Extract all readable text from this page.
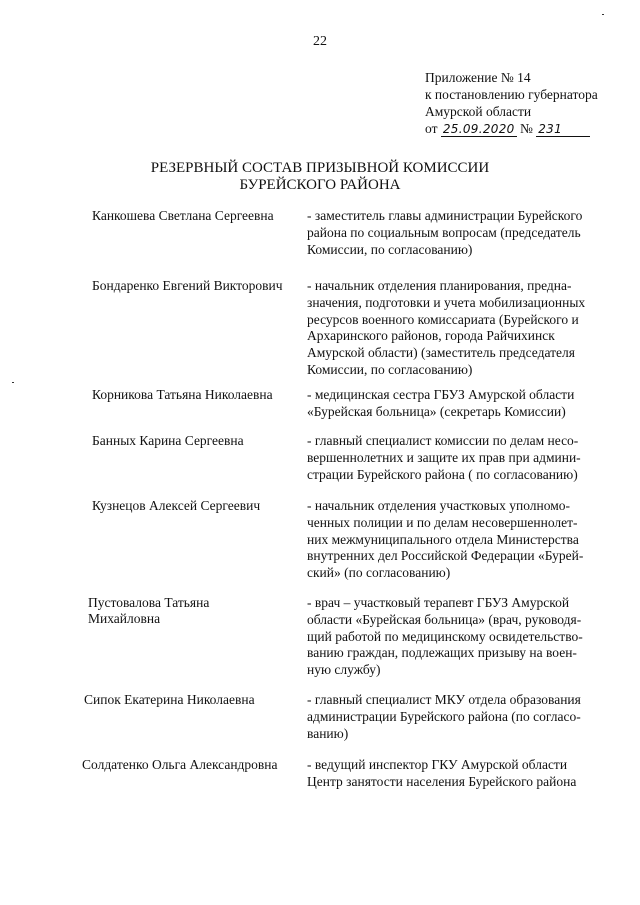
22
Приложение № 14
к постановлению губернатора
Амурской области
от 25.09.2020 № 231
РЕЗЕРВНЫЙ СОСТАВ ПРИЗЫВНОЙ КОМИССИИ
БУРЕЙСКОГО РАЙОНА
Канкошева Светлана Сергеевна - заместитель главы администрации Бурейского
района по социальным вопросам (председатель
Комиссии, по согласованию)
Бондаренко Евгений Викторович - начальник отделения планирования, предна-
значения, подготовки и учета мобилизационных
ресурсов военного комиссариата (Бурейского и
Архаринского районов, города Райчихинск
Амурской области) (заместитель председателя
Комиссии, по согласованию)
Корникова Татьяна Николаевна	- медицинская сестра ГБУЗ Амурской области
«Бурейская больница» (секретарь Комиссии)
Банных Карина Сергеевна	- главный специалист комиссии по делам несо-
вершеннолетних и защите их прав при админи-
страции Бурейского района ( по согласованию)
Кузнецов Алексей Сергеевич	- начальник отделения участковых уполномо-
ченных полиции и по делам несовершеннолет-
них межмуниципального отдела Министерства
внутренних дел Российской Федерации «Бурей-
ский» (по согласованию)
Пустовалова Татьяна
Михайловна
- врач – участковый терапевт ГБУЗ Амурской
области «Бурейская больница» (врач, руководя-
щий работой по медицинскому освидетельство-
ванию граждан, подлежащих призыву на воен-
ную службу)
Сипок Екатерина Николаевна	- главный специалист МКУ отдела образования
администрации Бурейского района (по согласо-
ванию)
Солдатенко Ольга Александровна - ведущий инспектор ГКУ Амурской области
Центр занятости населения Бурейского района
